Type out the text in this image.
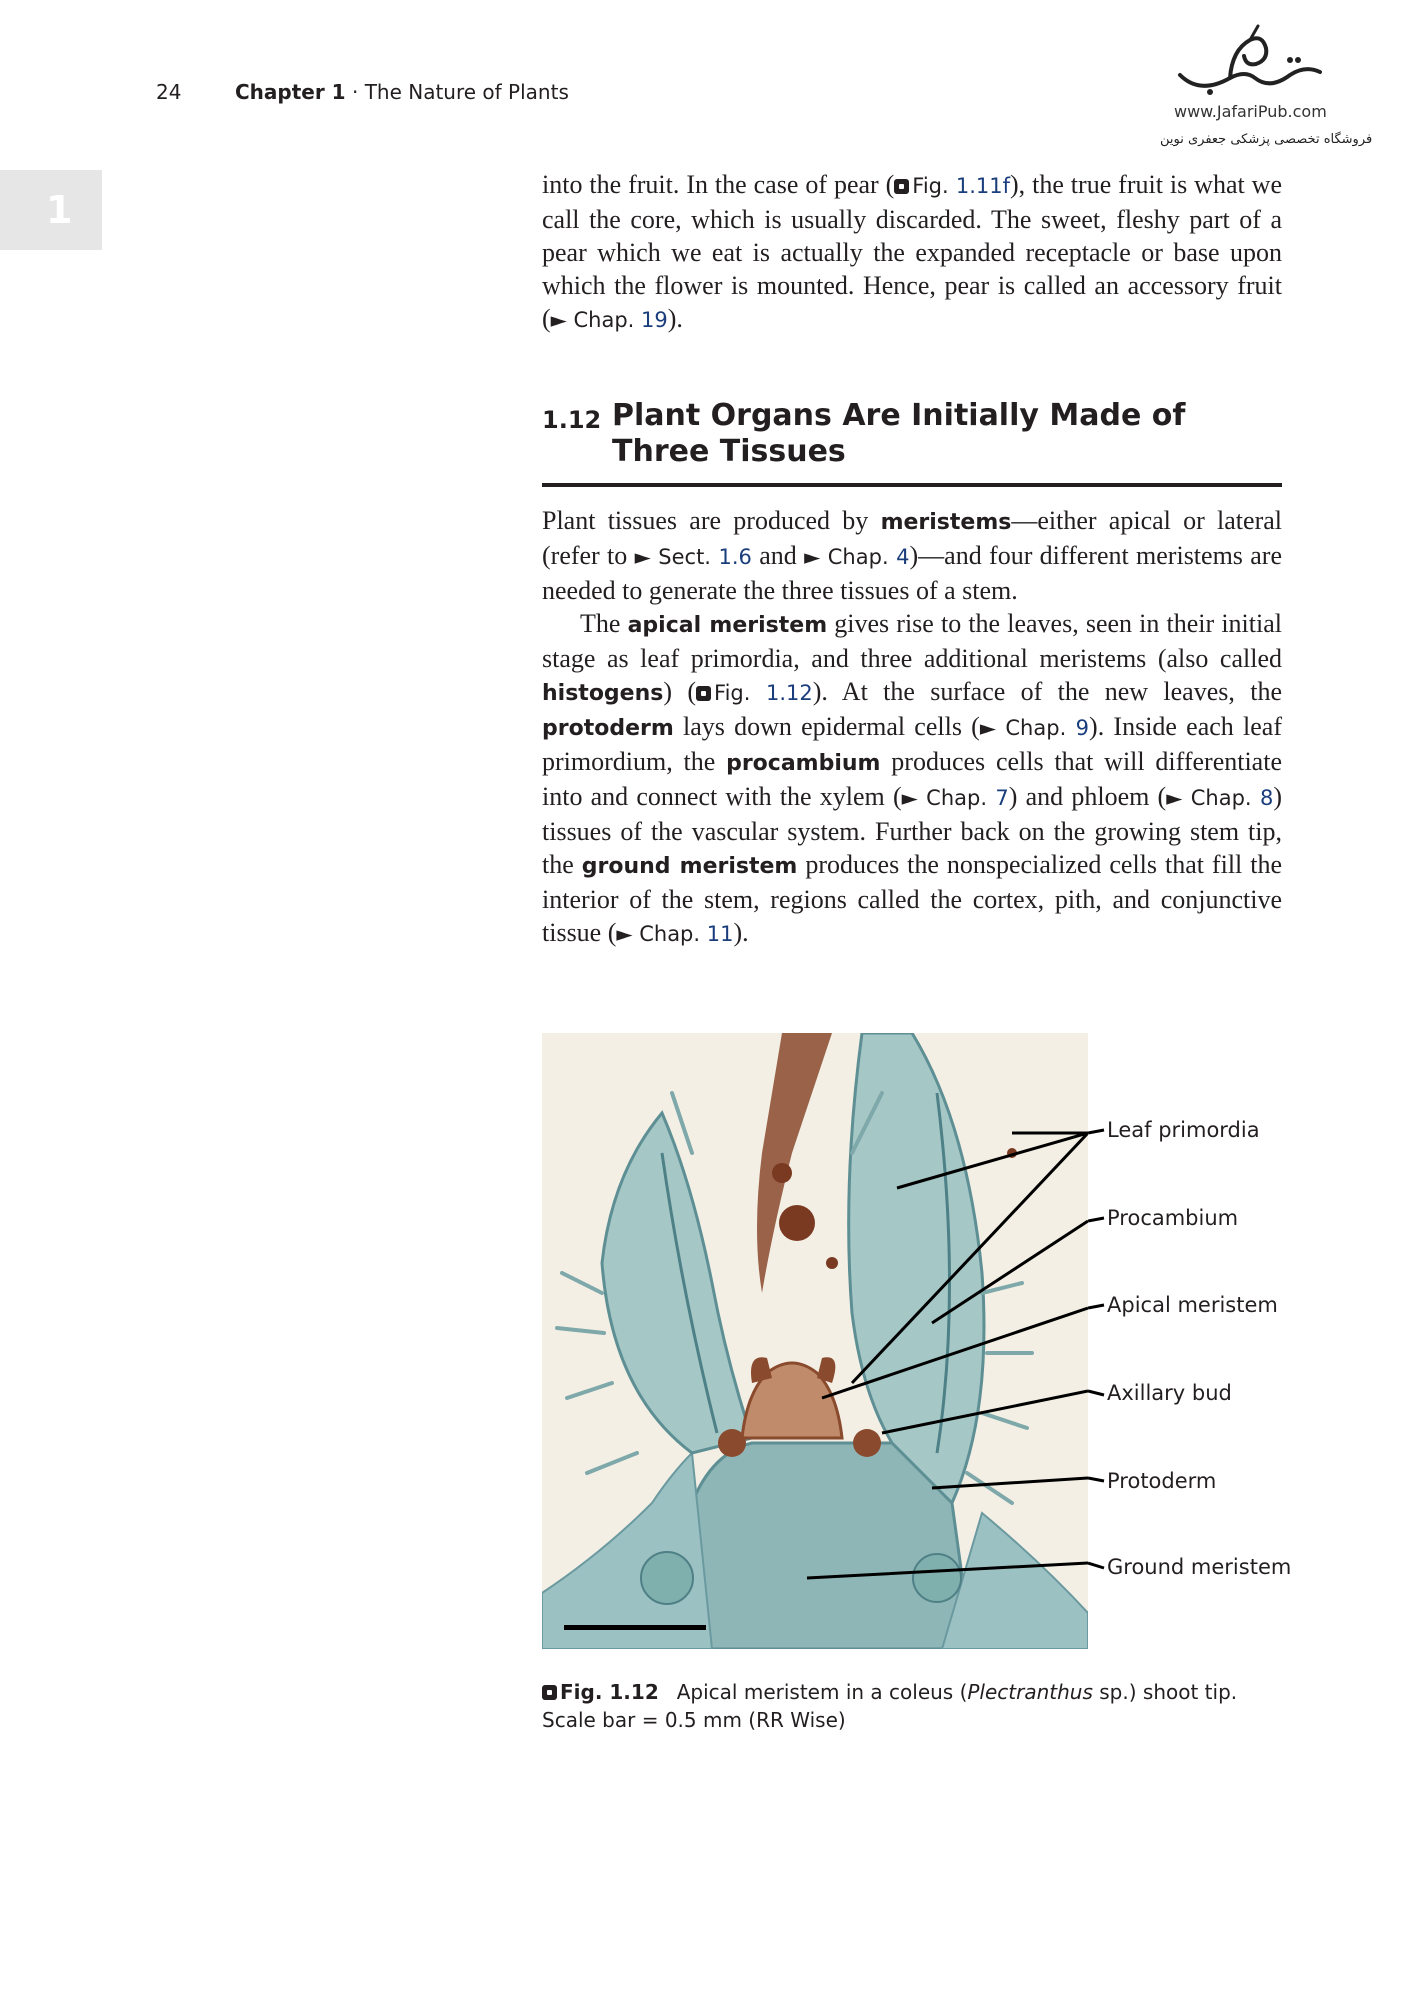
24	Chapter 1 · The Nature of Plants
1
www.JafariPub.com
فروشگاه تخصصی پزشکی جعفری نوین

into the fruit. In the case of pear ( Fig. 1.11f), the true fruit is what we call the core, which is usually discarded. The sweet, fleshy part of a pear which we eat is actually the expanded receptacle or base upon which the flower is mounted. Hence, pear is called an accessory fruit (► Chap. 19).

1.12 Plant Organs Are Initially Made of Three Tissues

Plant tissues are produced by meristems—either apical or lateral (refer to ► Sect. 1.6 and ► Chap. 4)—and four different meristems are needed to generate the three tissues of a stem.

The apical meristem gives rise to the leaves, seen in their initial stage as leaf primordia, and three additional meristems (also called histogens) ( Fig. 1.12). At the surface of the new leaves, the protoderm lays down epidermal cells (► Chap. 9). Inside each leaf primordium, the procambium produces cells that will differentiate into and connect with the xylem (► Chap. 7) and phloem (► Chap. 8) tissues of the vascular system. Further back on the growing stem tip, the ground meristem produces the nonspecialized cells that fill the interior of the stem, regions called the cortex, pith, and conjunctive tissue (► Chap. 11).

Leaf primordia
Procambium
Apical meristem
Axillary bud
Protoderm
Ground meristem
Fig. 1.12 Apical meristem in a coleus (Plectranthus sp.) shoot tip. Scale bar = 0.5 mm (RR Wise)
